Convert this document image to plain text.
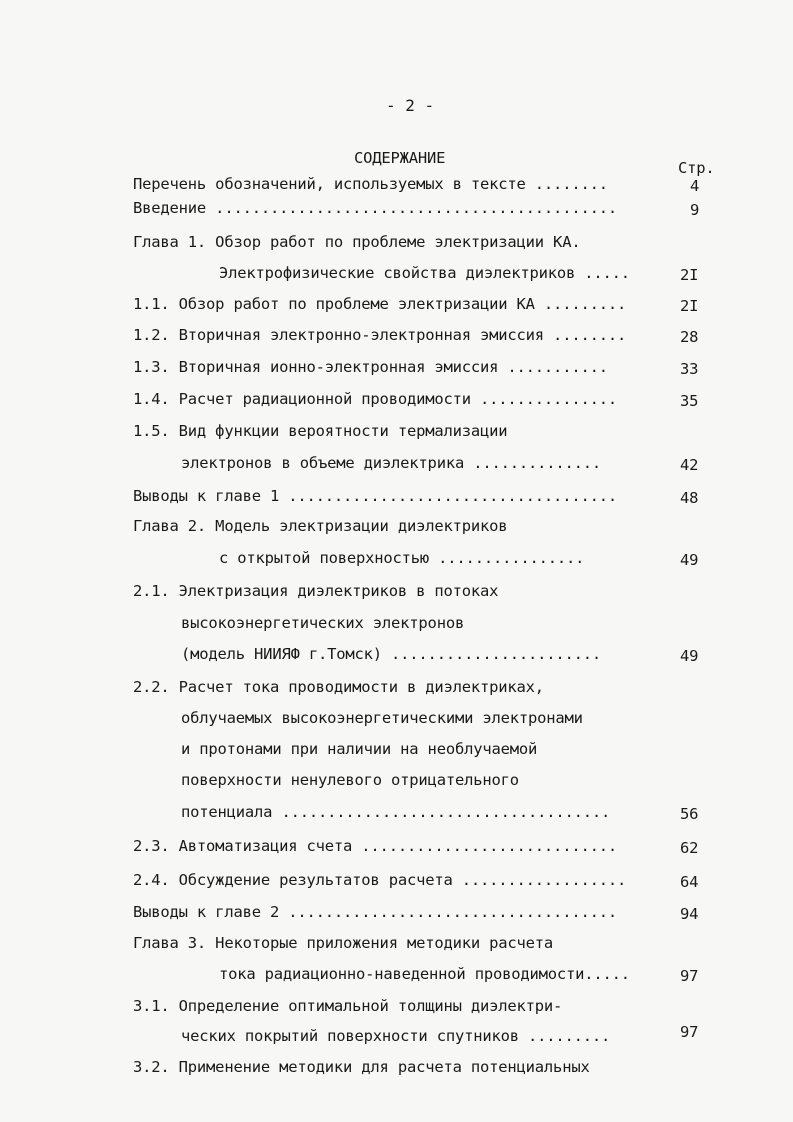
- 2 -
СОДЕРЖАНИЕ
Стр.
Перечень обозначений, используемых в тексте ........	4
Введение ............................................	9
Глава 1. Обзор работ по проблеме электризации КА.
Электрофизические свойства диэлектриков .....	2I
1.1. Обзор работ по проблеме электризации КА .........	2I
1.2. Вторичная электронно-электронная эмиссия ........	28
1.3. Вторичная ионно-электронная эмиссия ...........	33
1.4. Расчет радиационной проводимости ...............	35
1.5. Вид функции вероятности термализации
электронов в объеме диэлектрика ..............	42
Выводы к главе 1 ....................................	48
Глава 2. Модель электризации диэлектриков
с открытой поверхностью ................	49
2.1. Электризация диэлектриков в потоках
высокоэнергетических электронов
(модель НИИЯФ г.Томск) .......................	49
2.2. Расчет тока проводимости в диэлектриках,
облучаемых высокоэнергетическими электронами
и протонами при наличии на необлучаемой
поверхности ненулевого отрицательного
потенциала ....................................	56
2.3. Автоматизация счета ............................	62
2.4. Обсуждение результатов расчета ..................	64
Выводы к главе 2 ....................................	94
Глава 3. Некоторые приложения методики расчета
тока радиационно-наведенной проводимости.....	97
3.1. Определение оптимальной толщины диэлектри-
ческих покрытий поверхности спутников .........	97
3.2. Применение методики для расчета потенциальных
